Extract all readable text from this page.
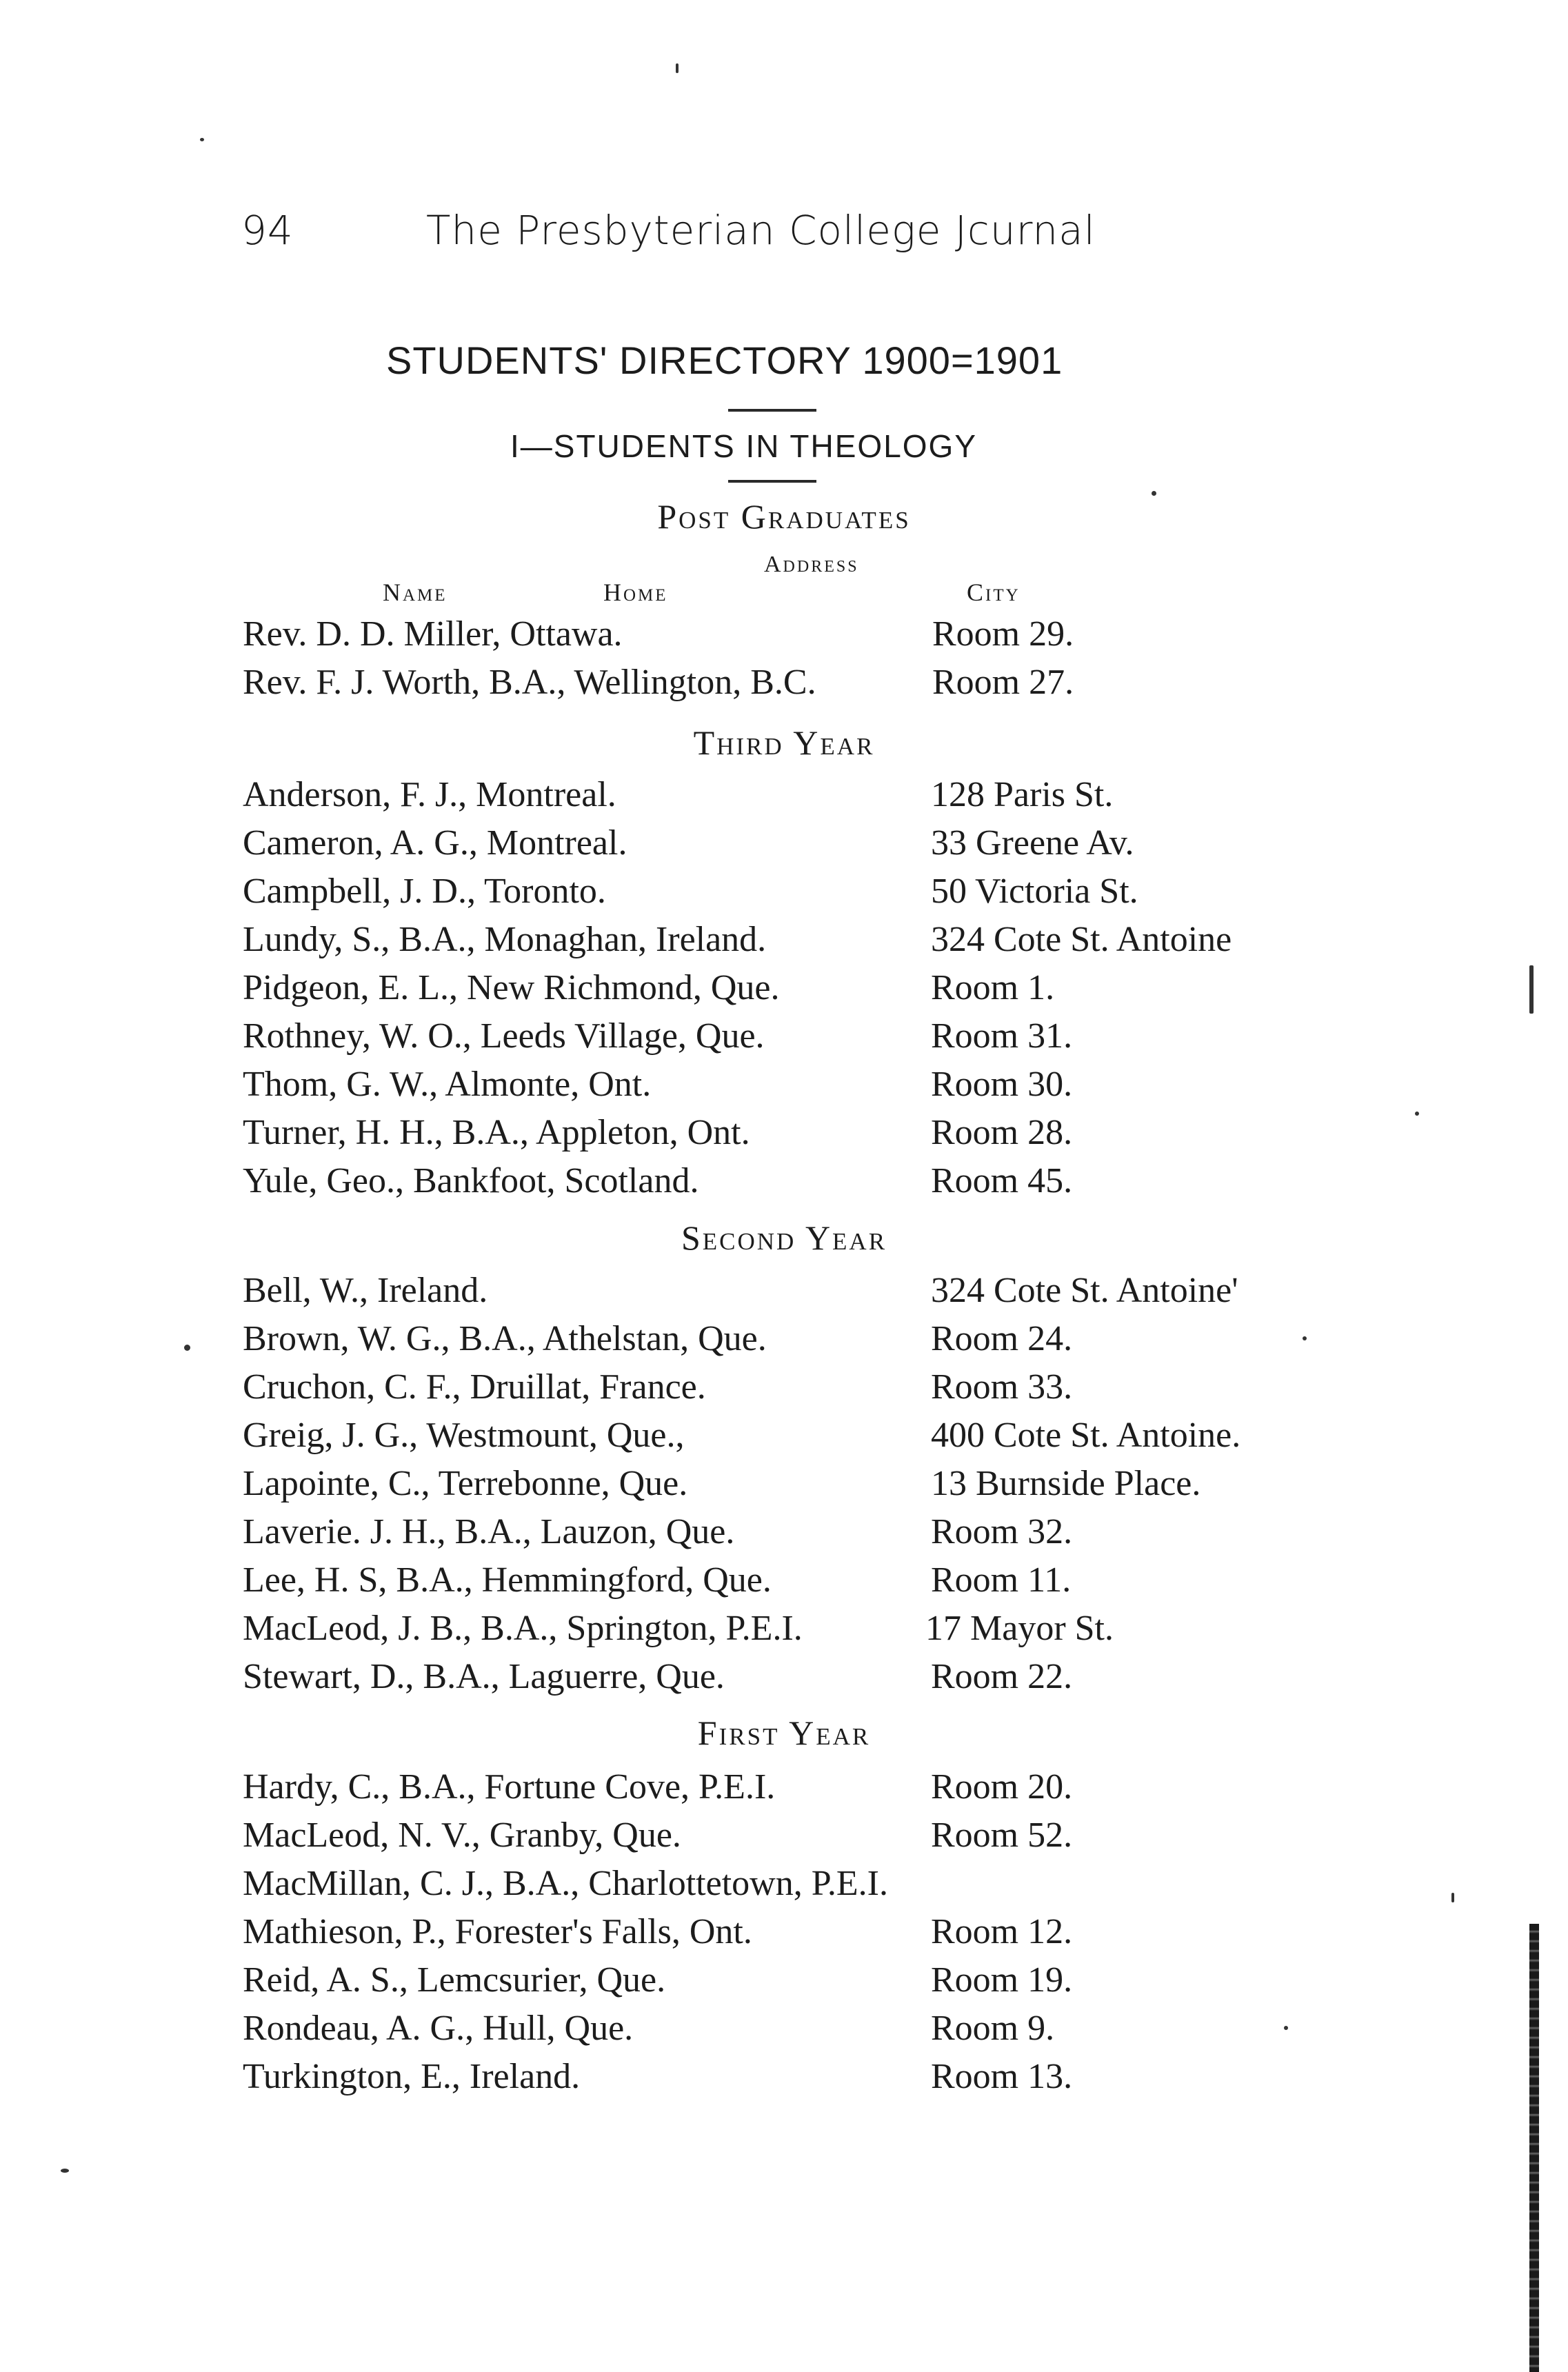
94	The Presbyterian College Jcurnal
STUDENTS' DIRECTORY 1900=1901
I—STUDENTS IN THEOLOGY
Post Graduates
Address
Name	Home	City
Rev. D. D. Miller, Ottawa.	Room 29.
Rev. F. J. Worth, B.A., Wellington, B.C.	Room 27.
Third Year
Anderson, F. J., Montreal.	128 Paris St.
Cameron, A. G., Montreal.	33 Greene Av.
Campbell, J. D., Toronto.	50 Victoria St.
Lundy, S., B.A., Monaghan, Ireland.	324 Cote St. Antoine
Pidgeon, E. L., New Richmond, Que.	Room 1.
Rothney, W. O., Leeds Village, Que.	Room 31.
Thom, G. W., Almonte, Ont.	Room 30.
Turner, H. H., B.A., Appleton, Ont.	Room 28.
Yule, Geo., Bankfoot, Scotland.	Room 45.
Second Year
Bell, W., Ireland.	324 Cote St. Antoine'
Brown, W. G., B.A., Athelstan, Que.	Room 24.
Cruchon, C. F., Druillat, France.	Room 33.
Greig, J. G., Westmount, Que.,	400 Cote St. Antoine.
Lapointe, C., Terrebonne, Que.	13 Burnside Place.
Laverie. J. H., B.A., Lauzon, Que.	Room 32.
Lee, H. S, B.A., Hemmingford, Que.	Room 11.
MacLeod, J. B., B.A., Springton, P.E.I.	17 Mayor St.
Stewart, D., B.A., Laguerre, Que.	Room 22.
First Year
Hardy, C., B.A., Fortune Cove, P.E.I.	Room 20.
MacLeod, N. V., Granby, Que.	Room 52.
MacMillan, C. J., B.A., Charlottetown, P.E.I.
Mathieson, P., Forester's Falls, Ont.	Room 12.
Reid, A. S., Lemcsurier, Que.	Room 19.
Rondeau, A. G., Hull, Que.	Room 9.
Turkington, E., Ireland.	Room 13.
